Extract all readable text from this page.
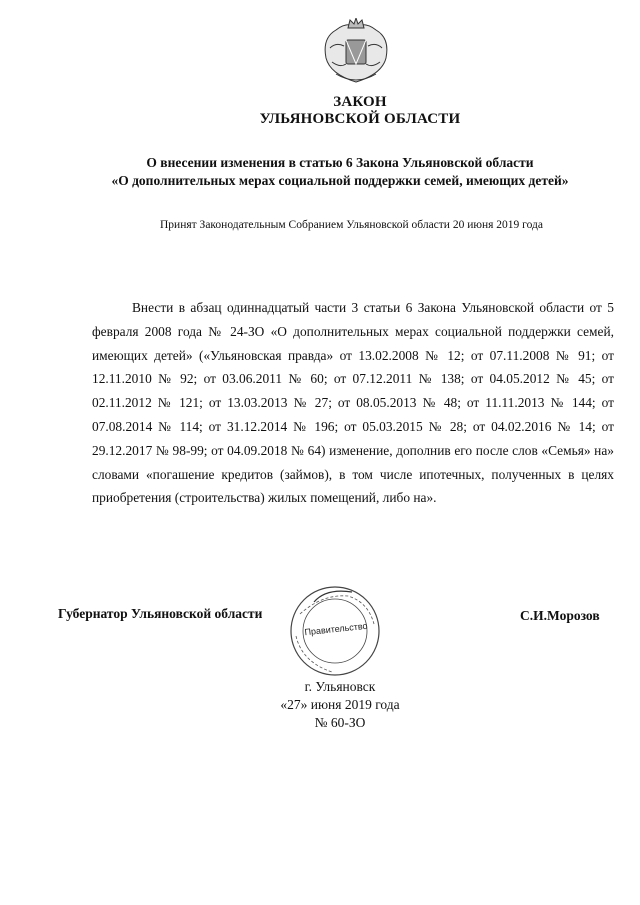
ЗАКОН
УЛЬЯНОВСКОЙ ОБЛАСТИ
О внесении изменения в статью 6 Закона Ульяновской области
«О дополнительных мерах социальной поддержки семей, имеющих детей»
Принят Законодательным Собранием Ульяновской области 20 июня 2019 года
Внести в абзац одиннадцатый части 3 статьи 6 Закона Ульяновской области от 5 февраля 2008 года № 24-ЗО «О дополнительных мерах социальной поддержки семей, имеющих детей» («Ульяновская правда» от 13.02.2008 № 12; от 07.11.2008 № 91; от 12.11.2010 № 92; от 03.06.2011 № 60; от 07.12.2011 № 138; от 04.05.2012 № 45; от 02.11.2012 № 121; от 13.03.2013 № 27; от 08.05.2013 № 48; от 11.11.2013 № 144; от 07.08.2014 № 114; от 31.12.2014 № 196; от 05.03.2015 № 28; от 04.02.2016 № 14; от 29.12.2017 № 98-99; от 04.09.2018 № 64) изменение, дополнив его после слов «Семья» на» словами «погашение кредитов (займов), в том числе ипотечных, полученных в целях приобретения (строительства) жилых помещений, либо на».
Губернатор Ульяновской области
Правительство
С.И.Морозов
г. Ульяновск
«27» июня 2019 года
№ 60-ЗО
